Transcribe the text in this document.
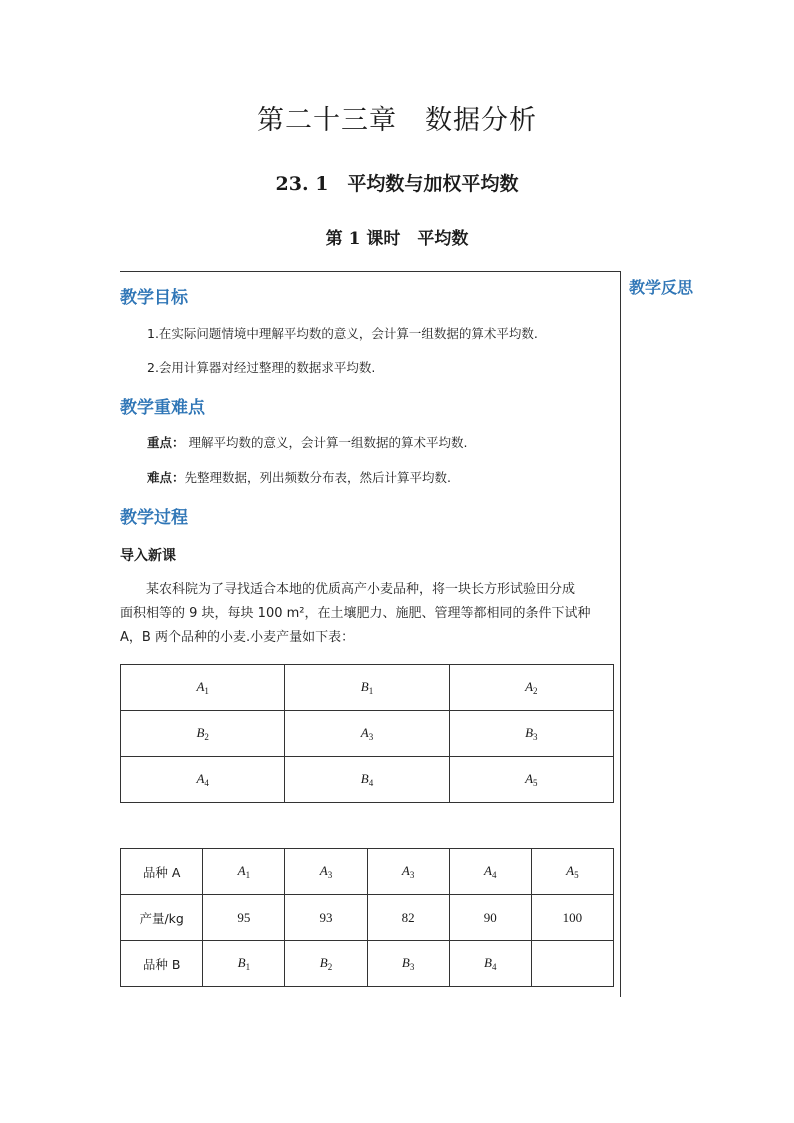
第二十三章　数据分析
23. 1　平均数与加权平均数
第 1 课时　平均数
教学反思
教学目标
1.在实际问题情境中理解平均数的意义，会计算一组数据的算术平均数.
2.会用计算器对经过整理的数据求平均数.
教学重难点
重点： 理解平均数的意义，会计算一组数据的算术平均数.
难点：先整理数据，列出频数分布表，然后计算平均数.
教学过程
导入新课
某农科院为了寻找适合本地的优质高产小麦品种，将一块长方形试验田分成
面积相等的 9 块，每块 100 m²，在土壤肥力、施肥、管理等都相同的条件下试种
A，B 两个品种的小麦.小麦产量如下表：
$A_1$	$B_1$	$A_2$
$B_2$	$A_3$	$B_3$
$A_4$	$B_4$	$A_5$
品种 A	$A_1$	$A_3$	$A_3$	$A_4$	$A_5$
产量/kg	95	93	82	90	100
品种 B	$B_1$	$B_2$	$B_3$	$B_4$	
